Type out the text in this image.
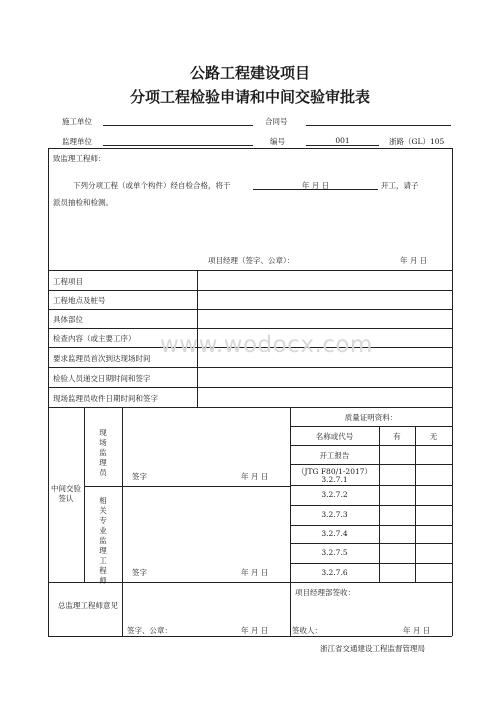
公路工程建设项目
分项工程检验申请和中间交验审批表
施工单位	合同号
监理单位	编号	001	浙路（GL）105
致监理工程师：
下列分项工程（或单个构件）经自检合格，将于	年 月 日	开工，请子
派员抽检和检测。
项目经理（签字、公章）：	年 月 日
工程项目
工程地点及桩号
具体部位
检查内容（或主要工序）
要求监理员首次到达现场时间
检验人员递交日期时间和签字
现场监理员收件日期时间和签字
中间交验签认
现场监理员
相关专业监理工程师
签字	年 月 日
签字	年 月 日
质量证明资料：
名称或代号	有	无
开工报告
（JTG F80/1-2017）
3.2.7.1
3.2.7.2
3.2.7.3
3.2.7.4
3.2.7.5
3.2.7.6
总监理工程师意见
签字、公章：	年 月 日
项目经理部签收：
签收人：	年 月 日
浙江省交通建设工程监督管理局
www.wodocx.com
